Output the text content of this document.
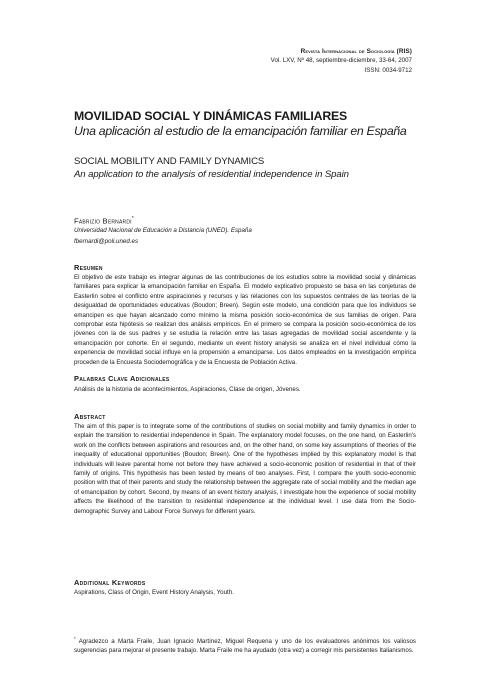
Revista Internacional de Sociología (RIS)
Vol. LXV, Nº 48, septiembre-diciembre, 33-64, 2007
ISSN: 0034-9712
MOVILIDAD SOCIAL Y DINÁMICAS FAMILIARES
Una aplicación al estudio de la emancipación familiar en España
SOCIAL MOBILITY AND FAMILY DYNAMICS
An application to the analysis of residential independence in Spain
Fabrizio Bernardi*
Universidad Nacional de Educación a Distancia (UNED). España
fbernardi@poli.uned.es
Resumen
El objetivo de este trabajo es integrar algunas de las contribuciones de los estudios sobre la movilidad social y dinámicas familiares para explicar la emancipación familiar en España. El modelo explicativo propuesto se basa en las conjeturas de Easterlin sobre el conflicto entre aspiraciones y recursos y las relaciones con los supuestos centrales de las teorías de la desigualdad de oportunidades educativas (Boudon; Breen). Según este modelo, una condición para que los individuos se emancipen es que hayan alcanzado como mínimo la misma posición socio-económica de sus familias de origen. Para comprobar esta hipótesis se realizan dos análisis empíricos. En el primero se compara la posición socio-económica de los jóvenes con la de sus padres y se estudia la relación entre las tasas agregadas de movilidad social ascendente y la emancipación por cohorte. En el segundo, mediante un event history analysis se analiza en el nivel individual cómo la experiencia de movilidad social influye en la propensión a emanciparse. Los datos empleados en la investigación empírica proceden de la Encuesta Sociodemográfica y de la Encuesta de Población Activa.
Palabras Clave Adicionales
Análisis de la historia de acontecimientos, Aspiraciones, Clase de origen, Jóvenes.
Abstract
The aim of this paper is to integrate some of the contributions of studies on social mobility and family dynamics in order to explain the transition to residential independence in Spain. The explanatory model focuses, on the one hand, on Easterlin's work on the conflicts between aspirations and resources and, on the other hand, on some key assumptions of theories of the inequality of educational opportunities (Boudon; Breen). One of the hypotheses implied by this explanatory model is that individuals will leave parental home not before they have achieved a socio-economic position of residential in that of their family of origins. This hypothesis has been tested by means of two analyses. First, I compare the youth socio-economic position with that of their parents and study the relationship between the aggregate rate of social mobility and the median age of emancipation by cohort. Second, by means of an event history analysis, I investigate how the experience of social mobility affects the likelihood of the transition to residential independence at the individual level. I use data from the Socio-demographic Survey and Labour Force Surveys for different years.
Additional Keywords
Aspirations, Class of Origin, Event History Analysis, Youth.
* Agradezco a Marta Fraile, Juan Ignacio Martínez, Miguel Requena y uno de los evaluadores anónimos los valiosos sugerencias para mejorar el presente trabajo. Marta Fraile me ha ayudado (otra vez) a corregir mis persistentes Italianismos.
